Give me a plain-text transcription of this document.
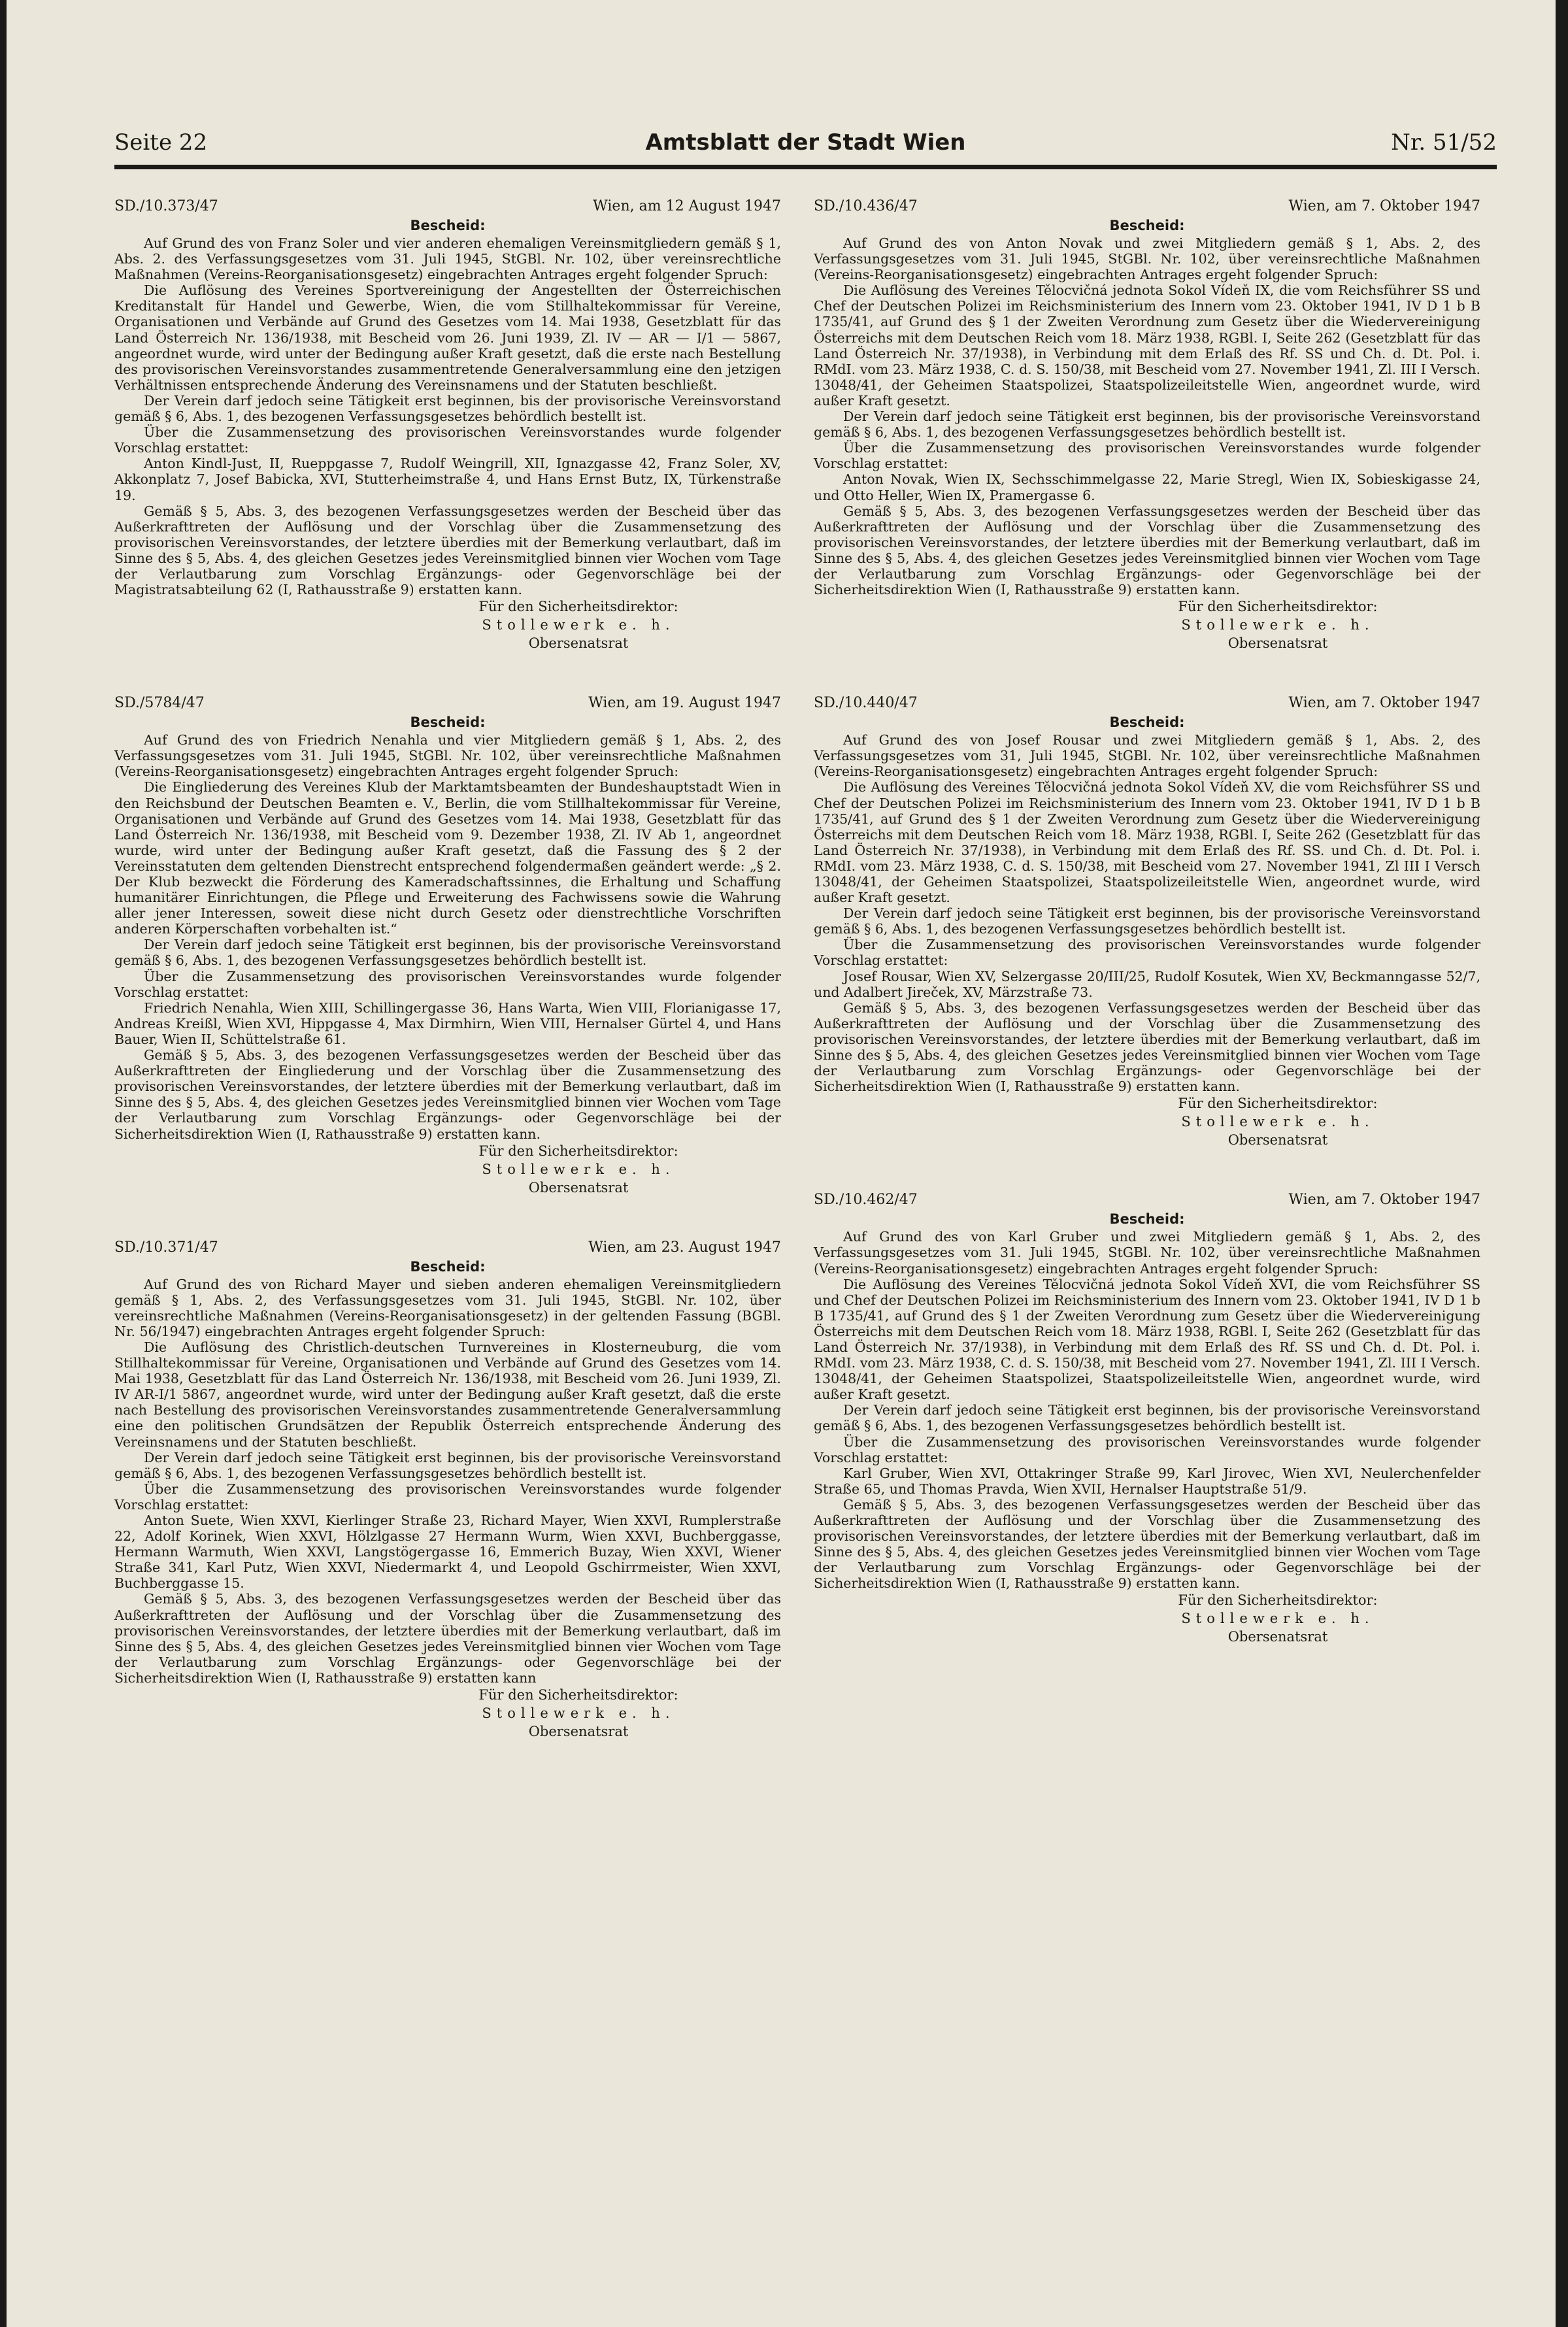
Amtsblatt der Stadt Wien
Seite 22	Nr. 51/52
SD./10.373/47	Wien, am 12 August 1947
Bescheid:

Auf Grund des von Franz Soler und vier anderen ehemaligen Vereinsmitgliedern gemäß § 1, Abs. 2. des Verfassungsgesetzes vom 31. Juli 1945, StGBl. Nr. 102, über vereinsrechtliche Maßnahmen (Vereins-Reorganisationsgesetz) eingebrachten Antrages ergeht folgender Spruch:

Die Auflösung des Vereines Sportvereinigung der Angestellten der Österreichischen Kreditanstalt für Handel und Gewerbe, Wien, die vom Stillhaltekommissar für Vereine, Organisationen und Verbände auf Grund des Gesetzes vom 14. Mai 1938, Gesetzblatt für das Land Österreich Nr. 136/1938, mit Bescheid vom 26. Juni 1939, Zl. IV — AR — I/1 — 5867, angeordnet wurde, wird unter der Bedingung außer Kraft gesetzt, daß die erste nach Bestellung des provisorischen Vereinsvorstandes zusammentretende Generalversammlung eine den jetzigen Verhältnissen entsprechende Änderung des Vereinsnamens und der Statuten beschließt.

Der Verein darf jedoch seine Tätigkeit erst beginnen, bis der provisorische Vereinsvorstand gemäß § 6, Abs. 1, des bezogenen Verfassungsgesetzes behördlich bestellt ist.

Über die Zusammensetzung des provisorischen Vereinsvorstandes wurde folgender Vorschlag erstattet:

Anton Kindl-Just, II, Rueppgasse 7, Rudolf Weingrill, XII, Ignazgasse 42, Franz Soler, XV, Akkonplatz 7, Josef Babicka, XVI, Stutterheimstraße 4, und Hans Ernst Butz, IX, Türkenstraße 19.

Gemäß § 5, Abs. 3, des bezogenen Verfassungsgesetzes werden der Bescheid über das Außerkrafttreten der Auflösung und der Vorschlag über die Zusammensetzung des provisorischen Vereinsvorstandes, der letztere überdies mit der Bemerkung verlautbart, daß im Sinne des § 5, Abs. 4, des gleichen Gesetzes jedes Vereinsmitglied binnen vier Wochen vom Tage der Verlautbarung zum Vorschlag Ergänzungs- oder Gegenvorschläge bei der Magistratsabteilung 62 (I, Rathausstraße 9) erstatten kann.

Für den Sicherheitsdirektor:
Stollewerk e. h.
Obersenatsrat
SD./5784/47	Wien, am 19. August 1947
Bescheid:

Auf Grund des von Friedrich Nenahla und vier Mitgliedern gemäß § 1, Abs. 2, des Verfassungsgesetzes vom 31. Juli 1945, StGBl. Nr. 102, über vereinsrechtliche Maßnahmen (Vereins-Reorganisationsgesetz) eingebrachten Antrages ergeht folgender Spruch:

Die Eingliederung des Vereines Klub der Marktamtsbeamten der Bundeshauptstadt Wien in den Reichsbund der Deutschen Beamten e. V., Berlin, die vom Stillhaltekommissar für Vereine, Organisationen und Verbände auf Grund des Gesetzes vom 14. Mai 1938, Gesetzblatt für das Land Österreich Nr. 136/1938, mit Bescheid vom 9. Dezember 1938, Zl. IV Ab 1, angeordnet wurde, wird unter der Bedingung außer Kraft gesetzt, daß die Fassung des § 2 der Vereinsstatuten dem geltenden Dienstrecht entsprechend folgendermaßen geändert werde: „§ 2. Der Klub bezweckt die Förderung des Kameradschaftssinnes, die Erhaltung und Schaffung humanitärer Einrichtungen, die Pflege und Erweiterung des Fachwissens sowie die Wahrung aller jener Interessen, soweit diese nicht durch Gesetz oder dienstrechtliche Vorschriften anderen Körperschaften vorbehalten ist.“

Der Verein darf jedoch seine Tätigkeit erst beginnen, bis der provisorische Vereinsvorstand gemäß § 6, Abs. 1, des bezogenen Verfassungsgesetzes behördlich bestellt ist.

Über die Zusammensetzung des provisorischen Vereinsvorstandes wurde folgender Vorschlag erstattet:

Friedrich Nenahla, Wien XIII, Schillingergasse 36, Hans Warta, Wien VIII, Florianigasse 17, Andreas Kreißl, Wien XVI, Hippgasse 4, Max Dirmhirn, Wien VIII, Hernalser Gürtel 4, und Hans Bauer, Wien II, Schüttelstraße 61.

Gemäß § 5, Abs. 3, des bezogenen Verfassungsgesetzes werden der Bescheid über das Außerkrafttreten der Eingliederung und der Vorschlag über die Zusammensetzung des provisorischen Vereinsvorstandes, der letztere überdies mit der Bemerkung verlautbart, daß im Sinne des § 5, Abs. 4, des gleichen Gesetzes jedes Vereinsmitglied binnen vier Wochen vom Tage der Verlautbarung zum Vorschlag Ergänzungs- oder Gegenvorschläge bei der Sicherheitsdirektion Wien (I, Rathausstraße 9) erstatten kann.

Für den Sicherheitsdirektor:
Stollewerk e. h.
Obersenatsrat
SD./10.371/47	Wien, am 23. August 1947
Bescheid:

Auf Grund des von Richard Mayer und sieben anderen ehemaligen Vereinsmitgliedern gemäß § 1, Abs. 2, des Verfassungsgesetzes vom 31. Juli 1945, StGBl. Nr. 102, über vereinsrechtliche Maßnahmen (Vereins-Reorganisationsgesetz) in der geltenden Fassung (BGBl. Nr. 56/1947) eingebrachten Antrages ergeht folgender Spruch:

Die Auflösung des Christlich-deutschen Turnvereines in Klosterneuburg, die vom Stillhaltekommissar für Vereine, Organisationen und Verbände auf Grund des Gesetzes vom 14. Mai 1938, Gesetzblatt für das Land Österreich Nr. 136/1938, mit Bescheid vom 26. Juni 1939, Zl. IV AR-I/1 5867, angeordnet wurde, wird unter der Bedingung außer Kraft gesetzt, daß die erste nach Bestellung des provisorischen Vereinsvorstandes zusammentretende Generalversammlung eine den politischen Grundsätzen der Republik Österreich entsprechende Änderung des Vereinsnamens und der Statuten beschließt.

Der Verein darf jedoch seine Tätigkeit erst beginnen, bis der provisorische Vereinsvorstand gemäß § 6, Abs. 1, des bezogenen Verfassungsgesetzes behördlich bestellt ist.

Über die Zusammensetzung des provisorischen Vereinsvorstandes wurde folgender Vorschlag erstattet:

Anton Suete, Wien XXVI, Kierlinger Straße 23, Richard Mayer, Wien XXVI, Rumplerstraße 22, Adolf Korinek, Wien XXVI, Hölzlgasse 27 Hermann Wurm, Wien XXVI, Buchberggasse, Hermann Warmuth, Wien XXVI, Langstögergasse 16, Emmerich Buzay, Wien XXVI, Wiener Straße 341, Karl Putz, Wien XXVI, Niedermarkt 4, und Leopold Gschirrmeister, Wien XXVI, Buchberggasse 15.

Gemäß § 5, Abs. 3, des bezogenen Verfassungsgesetzes werden der Bescheid über das Außerkrafttreten der Auflösung und der Vorschlag über die Zusammensetzung des provisorischen Vereinsvorstandes, der letztere überdies mit der Bemerkung verlautbart, daß im Sinne des § 5, Abs. 4, des gleichen Gesetzes jedes Vereinsmitglied binnen vier Wochen vom Tage der Verlautbarung zum Vorschlag Ergänzungs- oder Gegenvorschläge bei der Sicherheitsdirektion Wien (I, Rathausstraße 9) erstatten kann

Für den Sicherheitsdirektor:
Stollewerk e. h.
Obersenatsrat
SD./10.436/47	Wien, am 7. Oktober 1947
Bescheid:

Auf Grund des von Anton Novak und zwei Mitgliedern gemäß § 1, Abs. 2, des Verfassungsgesetzes vom 31. Juli 1945, StGBl. Nr. 102, über vereinsrechtliche Maßnahmen (Vereins-Reorganisationsgesetz) eingebrachten Antrages ergeht folgender Spruch:

Die Auflösung des Vereines Tělocvičná jednota Sokol Vídeň IX, die vom Reichsführer SS und Chef der Deutschen Polizei im Reichsministerium des Innern vom 23. Oktober 1941, IV D 1 b B 1735/41, auf Grund des § 1 der Zweiten Verordnung zum Gesetz über die Wiedervereinigung Österreichs mit dem Deutschen Reich vom 18. März 1938, RGBl. I, Seite 262 (Gesetzblatt für das Land Österreich Nr. 37/1938), in Verbindung mit dem Erlaß des Rf. SS und Ch. d. Dt. Pol. i. RMdI. vom 23. März 1938, C. d. S. 150/38, mit Bescheid vom 27. November 1941, Zl. III I Versch. 13048/41, der Geheimen Staatspolizei, Staatspolizeileitstelle Wien, angeordnet wurde, wird außer Kraft gesetzt.

Der Verein darf jedoch seine Tätigkeit erst beginnen, bis der provisorische Vereinsvorstand gemäß § 6, Abs. 1, des bezogenen Verfassungsgesetzes behördlich bestellt ist.

Über die Zusammensetzung des provisorischen Vereinsvorstandes wurde folgender Vorschlag erstattet:

Anton Novak, Wien IX, Sechsschimmelgasse 22, Marie Stregl, Wien IX, Sobieskigasse 24, und Otto Heller, Wien IX, Pramergasse 6.

Gemäß § 5, Abs. 3, des bezogenen Verfassungsgesetzes werden der Bescheid über das Außerkrafttreten der Auflösung und der Vorschlag über die Zusammensetzung des provisorischen Vereinsvorstandes, der letztere überdies mit der Bemerkung verlautbart, daß im Sinne des § 5, Abs. 4, des gleichen Gesetzes jedes Vereinsmitglied binnen vier Wochen vom Tage der Verlautbarung zum Vorschlag Ergänzungs- oder Gegenvorschläge bei der Sicherheitsdirektion Wien (I, Rathausstraße 9) erstatten kann.

Für den Sicherheitsdirektor:
Stollewerk e. h.
Obersenatsrat
SD./10.440/47	Wien, am 7. Oktober 1947
Bescheid:

Auf Grund des von Josef Rousar und zwei Mitgliedern gemäß § 1, Abs. 2, des Verfassungsgesetzes vom 31, Juli 1945, StGBl. Nr. 102, über vereinsrechtliche Maßnahmen (Vereins-Reorganisationsgesetz) eingebrachten Antrages ergeht folgender Spruch:

Die Auflösung des Vereines Tělocvičná jednota Sokol Vídeň XV, die vom Reichsführer SS und Chef der Deutschen Polizei im Reichsministerium des Innern vom 23. Oktober 1941, IV D 1 b B 1735/41, auf Grund des § 1 der Zweiten Verordnung zum Gesetz über die Wiedervereinigung Österreichs mit dem Deutschen Reich vom 18. März 1938, RGBl. I, Seite 262 (Gesetzblatt für das Land Österreich Nr. 37/1938), in Verbindung mit dem Erlaß des Rf. SS. und Ch. d. Dt. Pol. i. RMdI. vom 23. März 1938, C. d. S. 150/38, mit Bescheid vom 27. November 1941, Zl III I Versch 13048/41, der Geheimen Staatspolizei, Staatspolizeileitstelle Wien, angeordnet wurde, wird außer Kraft gesetzt.

Der Verein darf jedoch seine Tätigkeit erst beginnen, bis der provisorische Vereinsvorstand gemäß § 6, Abs. 1, des bezogenen Verfassungsgesetzes behördlich bestellt ist.

Über die Zusammensetzung des provisorischen Vereinsvorstandes wurde folgender Vorschlag erstattet:

Josef Rousar, Wien XV, Selzergasse 20/III/25, Rudolf Kosutek, Wien XV, Beckmanngasse 52/7, und Adalbert Jireček, XV, Märzstraße 73.

Gemäß § 5, Abs. 3, des bezogenen Verfassungsgesetzes werden der Bescheid über das Außerkrafttreten der Auflösung und der Vorschlag über die Zusammensetzung des provisorischen Vereinsvorstandes, der letztere überdies mit der Bemerkung verlautbart, daß im Sinne des § 5, Abs. 4, des gleichen Gesetzes jedes Vereinsmitglied binnen vier Wochen vom Tage der Verlautbarung zum Vorschlag Ergänzungs- oder Gegenvorschläge bei der Sicherheitsdirektion Wien (I, Rathausstraße 9) erstatten kann.

Für den Sicherheitsdirektor:
Stollewerk e. h.
Obersenatsrat
SD./10.462/47	Wien, am 7. Oktober 1947
Bescheid:

Auf Grund des von Karl Gruber und zwei Mitgliedern gemäß § 1, Abs. 2, des Verfassungsgesetzes vom 31. Juli 1945, StGBl. Nr. 102, über vereinsrechtliche Maßnahmen (Vereins-Reorganisationsgesetz) eingebrachten Antrages ergeht folgender Spruch:

Die Auflösung des Vereines Tělocvičná jednota Sokol Vídeň XVI, die vom Reichsführer SS und Chef der Deutschen Polizei im Reichsministerium des Innern vom 23. Oktober 1941, IV D 1 b B 1735/41, auf Grund des § 1 der Zweiten Verordnung zum Gesetz über die Wiedervereinigung Österreichs mit dem Deutschen Reich vom 18. März 1938, RGBl. I, Seite 262 (Gesetzblatt für das Land Österreich Nr. 37/1938), in Verbindung mit dem Erlaß des Rf. SS und Ch. d. Dt. Pol. i. RMdI. vom 23. März 1938, C. d. S. 150/38, mit Bescheid vom 27. November 1941, Zl. III I Versch. 13048/41, der Geheimen Staatspolizei, Staatspolizeileitstelle Wien, angeordnet wurde, wird außer Kraft gesetzt.

Der Verein darf jedoch seine Tätigkeit erst beginnen, bis der provisorische Vereinsvorstand gemäß § 6, Abs. 1, des bezogenen Verfassungsgesetzes behördlich bestellt ist.

Über die Zusammensetzung des provisorischen Vereinsvorstandes wurde folgender Vorschlag erstattet:

Karl Gruber, Wien XVI, Ottakringer Straße 99, Karl Jirovec, Wien XVI, Neulerchenfelder Straße 65, und Thomas Pravda, Wien XVII, Hernalser Hauptstraße 51/9.

Gemäß § 5, Abs. 3, des bezogenen Verfassungsgesetzes werden der Bescheid über das Außerkrafttreten der Auflösung und der Vorschlag über die Zusammensetzung des provisorischen Vereinsvorstandes, der letztere überdies mit der Bemerkung verlautbart, daß im Sinne des § 5, Abs. 4, des gleichen Gesetzes jedes Vereinsmitglied binnen vier Wochen vom Tage der Verlautbarung zum Vorschlag Ergänzungs- oder Gegenvorschläge bei der Sicherheitsdirektion Wien (I, Rathausstraße 9) erstatten kann.

Für den Sicherheitsdirektor:
Stollewerk e. h.
Obersenatsrat
